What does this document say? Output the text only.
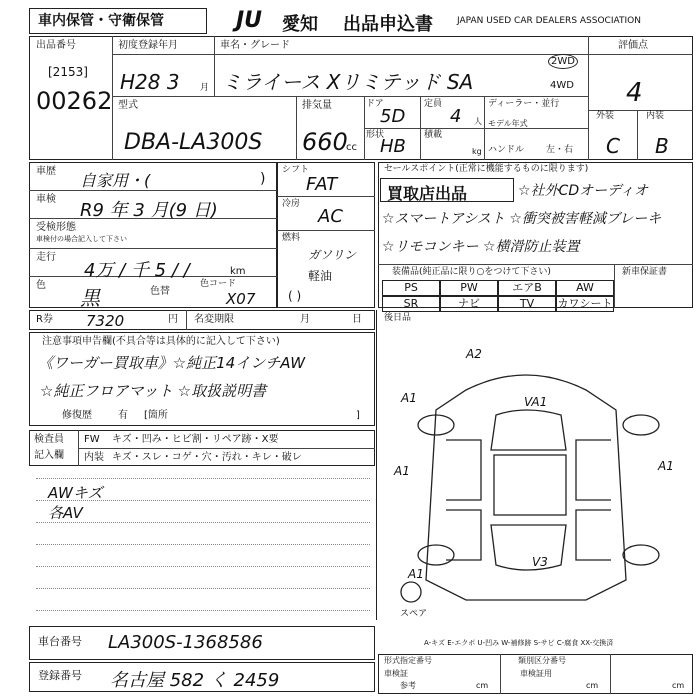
車内保管・守衛保管	JU	愛知 出品申込書	JAPAN USED CAR DEALERS ASSOCIATION
出品番号
[2153]
00262
初度登録年月
H28 3 月
車名・グレード
ミライース Xリミテッド SA
2WD
4WD
評価点
4
外装	内装
C B
型式
DBA-LA300S
排気量
660
cc
ドア
5D
形状
HB
定員
4 人
積載
kg
ディーラー・並行
モデル年式
ハンドル 左・右
車歴 自家用・(	)
車検
R9 年 3 月(9 日)
受検形態
車検付の場合記入して下さい
走行
4万 / 千 5 / /	km
色
黒	色替
色コード
X07
シフト
FAT
冷房
AC
燃料
ガソリン
軽油
( )
セールスポイント(正常に機能するものに限ります)
買取店出品	☆社外CDオーディオ
☆スマートアシスト ☆衝突被害軽減ブレーキ
☆リモコンキー ☆横滑防止装置
装備品(純正品に限り○をつけて下さい)	新車保証書
PS	PW	エアB	AW
SR	ナビ	TV	カワシート
R券 7320	円 名変期限	月	日
注意事項申告欄(不具合等は具体的に記入して下さい)
《ワーガー買取車》☆純正14インチAW
☆純正フロアマット ☆取扱説明書
修復歴	有 [箇所	]
検査員
記入欄
FW キズ・凹み・ヒビ割・リペア跡・X要
内装 キズ・スレ・コゲ・穴・汚れ・キレ・破レ
AWキズ
各AV
後日品
A2
A1	VA1
A1
A1
V3
A1
スペア
A-キズ E-エクボ U-凹み W-補修跡 S-サビ C-腐食 XX-交換済
車台番号 LA300S-1368586
登録番号 名古屋 582 く 2459
形式指定番号	類別区分番号
車検証
参考
車検証用
cm	cm	cm
